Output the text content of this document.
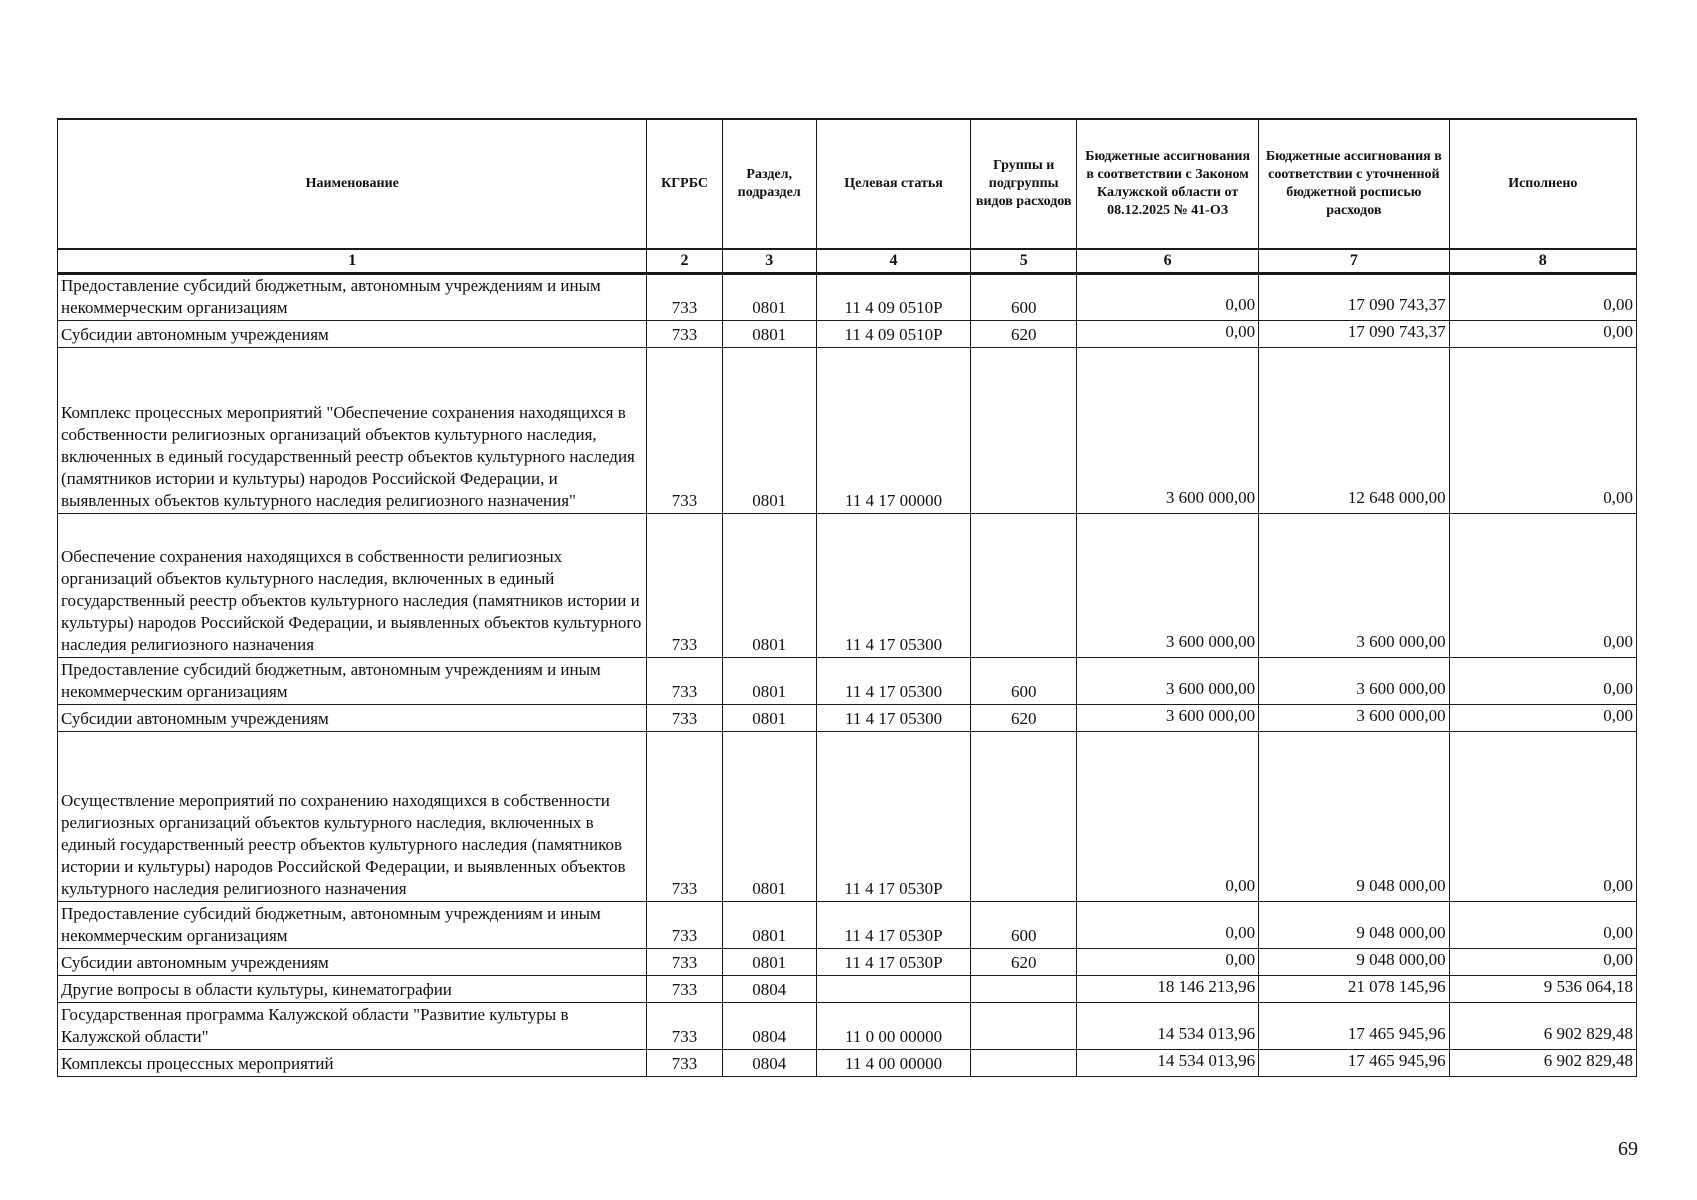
Наименование	КГРБС	Раздел, подраздел	Целевая статья	Группы и подгруппы видов расходов	Бюджетные ассигнования в соответствии с Законом Калужской области от 08.12.2025 № 41-ОЗ	Бюджетные ассигнования в соответствии с уточненной бюджетной росписью расходов	Исполнено
1	2	3	4	5	6	7	8
Предоставление субсидий бюджетным, автономным учреждениям и иным некоммерческим организациям	733	0801	11 4 09 0510P	600	0,00	17 090 743,37	0,00
Субсидии автономным учреждениям	733	0801	11 4 09 0510P	620	0,00	17 090 743,37	0,00
Комплекс процессных мероприятий "Обеспечение сохранения находящихся в собственности религиозных организаций объектов культурного наследия, включенных в единый государственный реестр объектов культурного наследия (памятников истории и культуры) народов Российской Федерации, и выявленных объектов культурного наследия религиозного назначения"	733	0801	11 4 17 00000		3 600 000,00	12 648 000,00	0,00
Обеспечение сохранения находящихся в собственности религиозных организаций объектов культурного наследия, включенных в единый государственный реестр объектов культурного наследия (памятников истории и культуры) народов Российской Федерации, и выявленных объектов культурного наследия религиозного назначения	733	0801	11 4 17 05300		3 600 000,00	3 600 000,00	0,00
Предоставление субсидий бюджетным, автономным учреждениям и иным некоммерческим организациям	733	0801	11 4 17 05300	600	3 600 000,00	3 600 000,00	0,00
Субсидии автономным учреждениям	733	0801	11 4 17 05300	620	3 600 000,00	3 600 000,00	0,00
Осуществление мероприятий по сохранению находящихся в собственности религиозных организаций объектов культурного наследия, включенных в единый государственный реестр объектов культурного наследия (памятников истории и культуры) народов Российской Федерации, и выявленных объектов культурного наследия религиозного назначения	733	0801	11 4 17 0530P		0,00	9 048 000,00	0,00
Предоставление субсидий бюджетным, автономным учреждениям и иным некоммерческим организациям	733	0801	11 4 17 0530P	600	0,00	9 048 000,00	0,00
Субсидии автономным учреждениям	733	0801	11 4 17 0530P	620	0,00	9 048 000,00	0,00
Другие вопросы в области культуры, кинематографии	733	0804			18 146 213,96	21 078 145,96	9 536 064,18
Государственная программа Калужской области "Развитие культуры в Калужской области"	733	0804	11 0 00 00000		14 534 013,96	17 465 945,96	6 902 829,48
Комплексы процессных мероприятий	733	0804	11 4 00 00000		14 534 013,96	17 465 945,96	6 902 829,48
69
